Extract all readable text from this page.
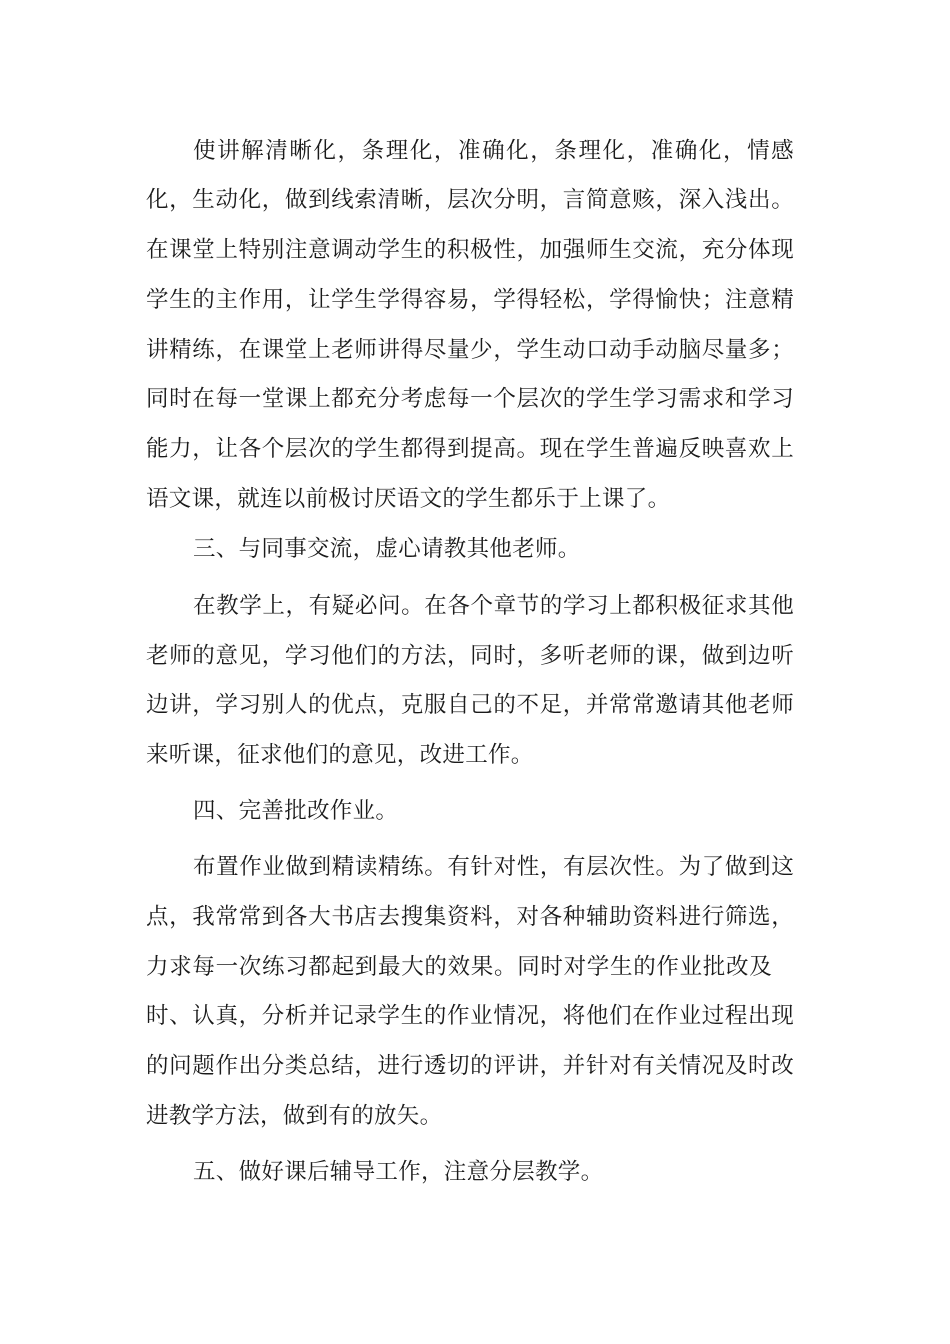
使讲解清晰化，条理化，准确化，条理化，准确化，情感
化，生动化，做到线索清晰，层次分明，言简意赅，深入浅出。
在课堂上特别注意调动学生的积极性，加强师生交流，充分体现
学生的主作用，让学生学得容易，学得轻松，学得愉快；注意精
讲精练，在课堂上老师讲得尽量少，学生动口动手动脑尽量多；
同时在每一堂课上都充分考虑每一个层次的学生学习需求和学习
能力，让各个层次的学生都得到提高。现在学生普遍反映喜欢上
语文课，就连以前极讨厌语文的学生都乐于上课了。
三、与同事交流，虚心请教其他老师。
在教学上，有疑必问。在各个章节的学习上都积极征求其他
老师的意见，学习他们的方法，同时，多听老师的课，做到边听
边讲，学习别人的优点，克服自己的不足，并常常邀请其他老师
来听课，征求他们的意见，改进工作。
四、完善批改作业。
布置作业做到精读精练。有针对性，有层次性。为了做到这
点，我常常到各大书店去搜集资料，对各种辅助资料进行筛选，
力求每一次练习都起到最大的效果。同时对学生的作业批改及
时、认真，分析并记录学生的作业情况，将他们在作业过程出现
的问题作出分类总结，进行透切的评讲，并针对有关情况及时改
进教学方法，做到有的放矢。
五、做好课后辅导工作，注意分层教学。
